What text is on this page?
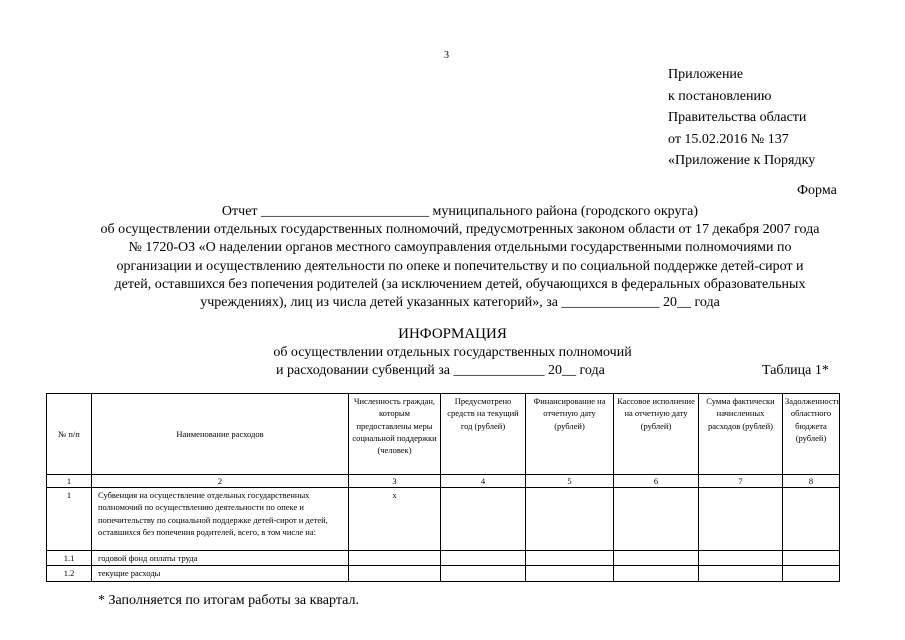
3
Приложение
к постановлению
Правительства области
от 15.02.2016 № 137
«Приложение к Порядку
Форма
Отчет ________________________ муниципального района (городского округа)
об осуществлении отдельных государственных полномочий, предусмотренных законом области от 17 декабря 2007 года
№ 1720-ОЗ «О наделении органов местного самоуправления отдельными государственными полномочиями по
организации и осуществлению деятельности по опеке и попечительству и по социальной поддержке детей-сирот и
детей, оставшихся без попечения родителей (за исключением детей, обучающихся в федеральных образовательных
учреждениях), лиц из числа детей указанных категорий», за ______________ 20__ года
ИНФОРМАЦИЯ
об осуществлении отдельных государственных полномочий
и расходовании субвенций за _____________ 20__ года	Таблица 1*
№ п/п	Наименование расходов	Численность граждан, которым предоставлены меры социальной поддержки (человек)	Предусмотрено средств на текущий год (рублей)	Финансирование на отчетную дату (рублей)	Кассовое исполнение на отчетную дату (рублей)	Сумма фактически начисленных расходов (рублей)	Задолженность областного бюджета (рублей)
1	2	3	4	5	6	7	8
1	Субвенция на осуществление отдельных государственных полномочий по осуществлению деятельности по опеке и попечительству по социальной поддержке детей-сирот и детей, оставшихся без попечения родителей, всего, в том числе на:	х					
1.1	годовой фонд оплаты труда						
1.2	текущие расходы						
* Заполняется по итогам работы за квартал.
